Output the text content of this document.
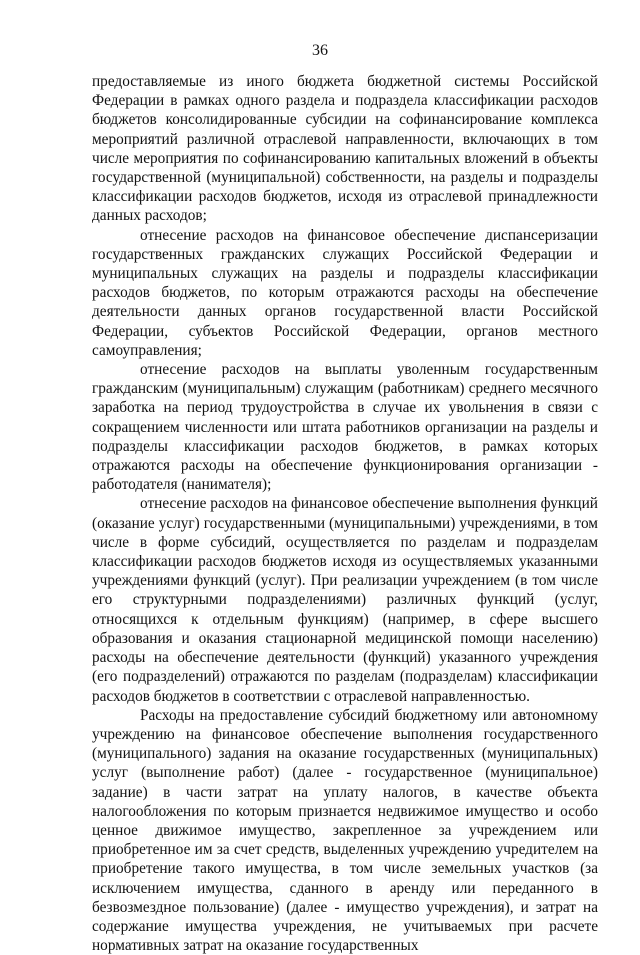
36

предоставляемые из иного бюджета бюджетной системы Российской Федерации в рамках одного раздела и подраздела классификации расходов бюджетов консолидированные субсидии на софинансирование комплекса мероприятий различной отраслевой направленности, включающих в том числе мероприятия по софинансированию капитальных вложений в объекты государственной (муниципальной) собственности, на разделы и подразделы классификации расходов бюджетов, исходя из отраслевой принадлежности данных расходов;

отнесение расходов на финансовое обеспечение диспансеризации государственных гражданских служащих Российской Федерации и муниципальных служащих на разделы и подразделы классификации расходов бюджетов, по которым отражаются расходы на обеспечение деятельности данных органов государственной власти Российской Федерации, субъектов Российской Федерации, органов местного самоуправления;

отнесение расходов на выплаты уволенным государственным гражданским (муниципальным) служащим (работникам) среднего месячного заработка на период трудоустройства в случае их увольнения в связи с сокращением численности или штата работников организации на разделы и подразделы классификации расходов бюджетов, в рамках которых отражаются расходы на обеспечение функционирования организации - работодателя (нанимателя);

отнесение расходов на финансовое обеспечение выполнения функций (оказание услуг) государственными (муниципальными) учреждениями, в том числе в форме субсидий, осуществляется по разделам и подразделам классификации расходов бюджетов исходя из осуществляемых указанными учреждениями функций (услуг). При реализации учреждением (в том числе его структурными подразделениями) различных функций (услуг, относящихся к отдельным функциям) (например, в сфере высшего образования и оказания стационарной медицинской помощи населению) расходы на обеспечение деятельности (функций) указанного учреждения (его подразделений) отражаются по разделам (подразделам) классификации расходов бюджетов в соответствии с отраслевой направленностью.

Расходы на предоставление субсидий бюджетному или автономному учреждению на финансовое обеспечение выполнения государственного (муниципального) задания на оказание государственных (муниципальных) услуг (выполнение работ) (далее - государственное (муниципальное) задание) в части затрат на уплату налогов, в качестве объекта налогообложения по которым признается недвижимое имущество и особо ценное движимое имущество, закрепленное за учреждением или приобретенное им за счет средств, выделенных учреждению учредителем на приобретение такого имущества, в том числе земельных участков (за исключением имущества, сданного в аренду или переданного в безвозмездное пользование) (далее - имущество учреждения), и затрат на содержание имущества учреждения, не учитываемых при расчете нормативных затрат на оказание государственных
